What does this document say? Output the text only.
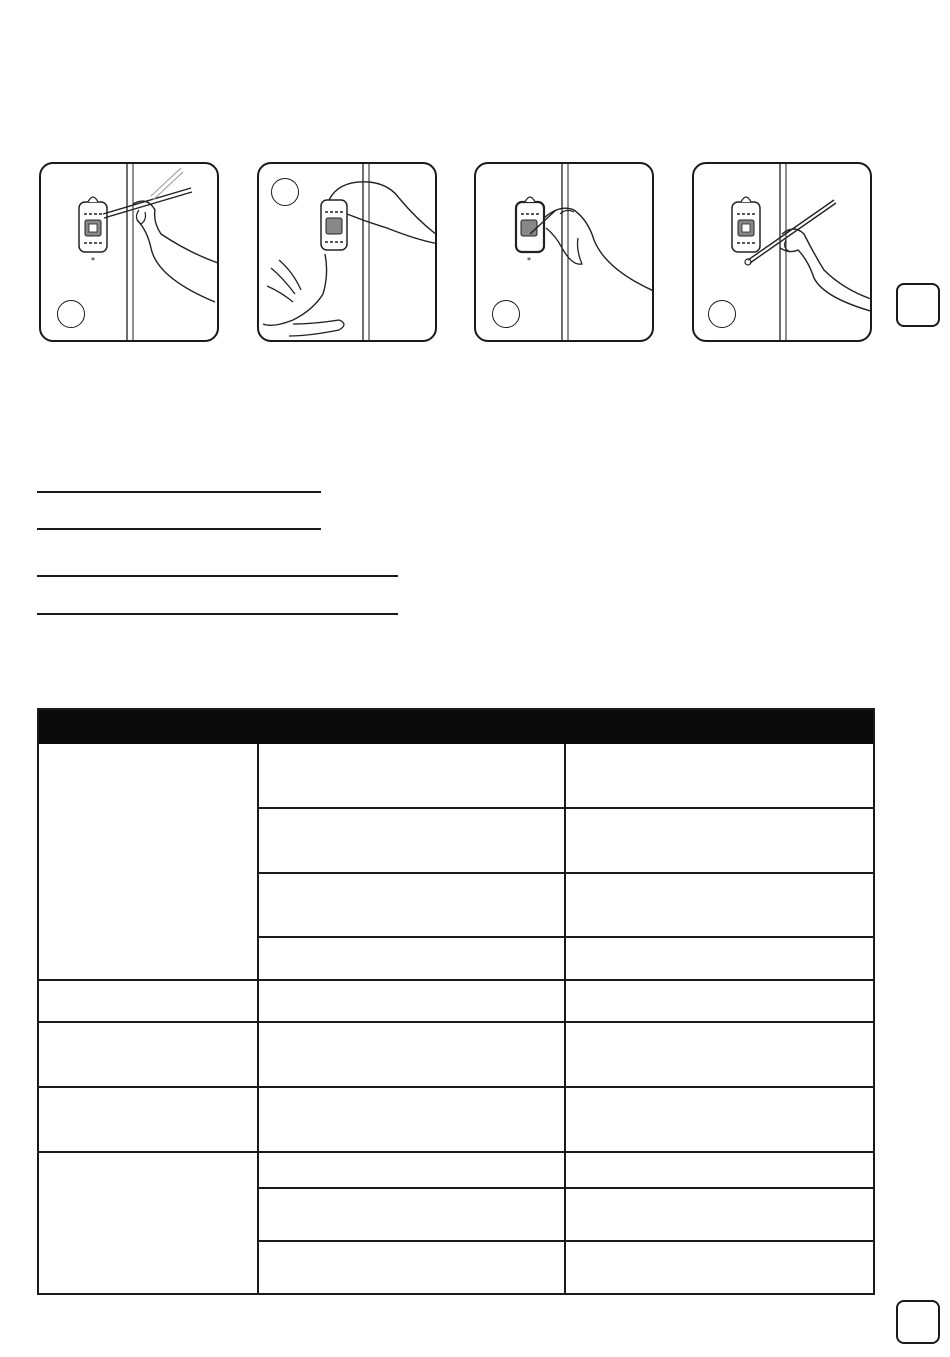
*	*
